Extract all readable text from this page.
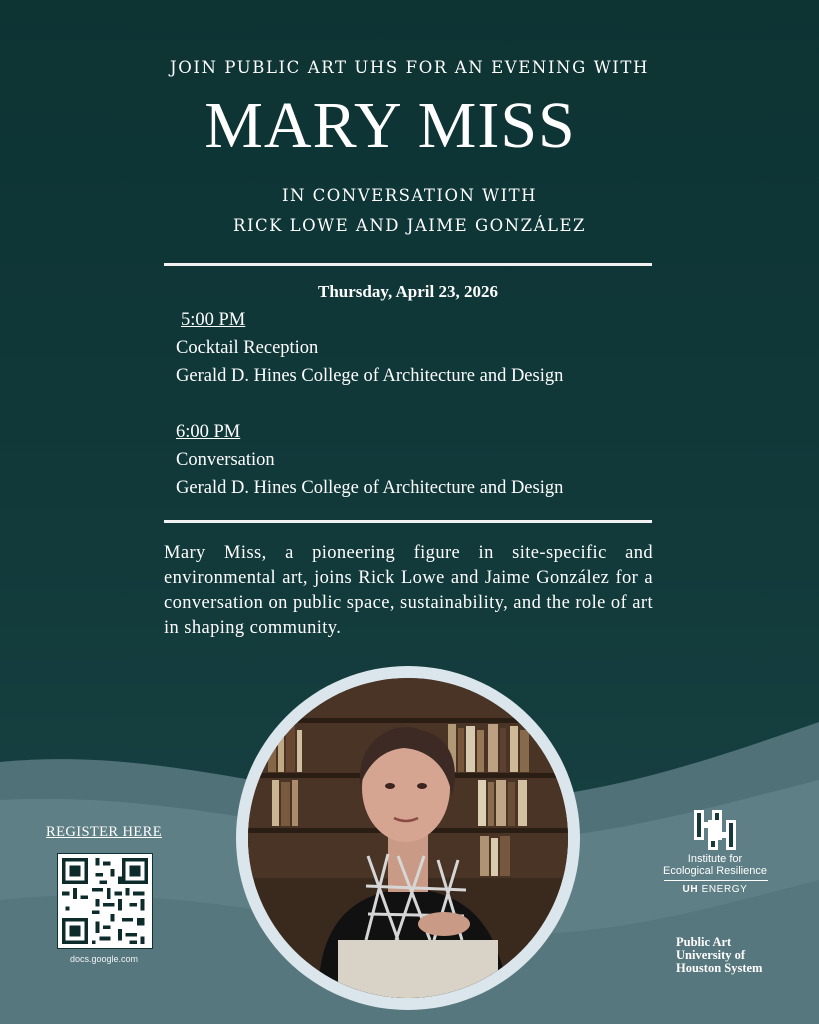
JOIN PUBLIC ART UHS FOR AN EVENING WITH
MARY MISS
IN CONVERSATION WITH
RICK LOWE AND JAIME GONZÁLEZ
Thursday, April 23, 2026
5:00 PM
Cocktail Reception
Gerald D. Hines College of Architecture and Design
6:00 PM
Conversation
Gerald D. Hines College of Architecture and Design
Mary Miss, a pioneering figure in site-specific and environmental art, joins Rick Lowe and Jaime González for a conversation on public space, sustainability, and the role of art in shaping community.
REGISTER HERE
docs.google.com
Institute for
Ecological Resilience
UH ENERGY
Public Art
University of
Houston System
